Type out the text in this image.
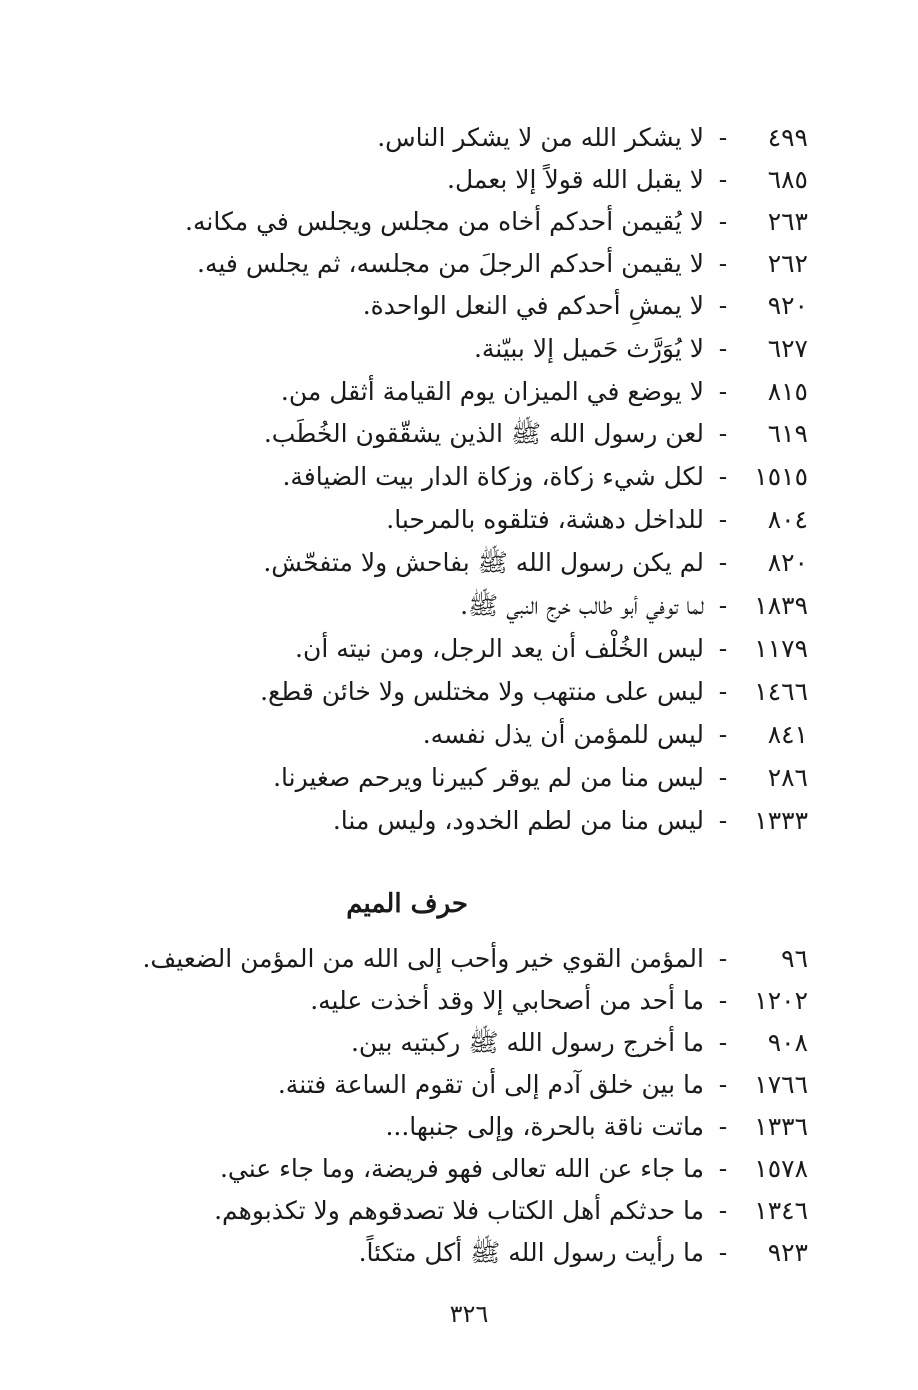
٤٩٩
-
لا يشكر الله من لا يشكر الناس.
٦٨٥
-
لا يقبل الله قولاً إلا بعمل.
٢٦٣
-
لا يُقيمن أحدكم أخاه من مجلس ويجلس في مكانه.
٢٦٢
-
لا يقيمن أحدكم الرجلَ من مجلسه، ثم يجلس فيه.
٩٢٠
-
لا يمشِ أحدكم في النعل الواحدة.
٦٢٧
-
لا يُوَرَّث حَميل إلا ببيّنة.
٨١٥
-
لا يوضع في الميزان يوم القيامة أثقل من.
٦١٩
-
لعن رسول الله ﷺ الذين يشقّقون الخُطَب.
١٥١٥
-
لكل شيء زكاة، وزكاة الدار بيت الضيافة.
٨٠٤
-
للداخل دهشة، فتلقوه بالمرحبا.
٨٢٠
-
لم يكن رسول الله ﷺ بفاحش ولا متفحّش.
١٨٣٩
-
لما توفي أبو طالب خرج النبي ﷺ.
١١٧٩
-
ليس الخُلْف أن يعد الرجل، ومن نيته أن.
١٤٦٦
-
ليس على منتهب ولا مختلس ولا خائن قطع.
٨٤١
-
ليس للمؤمن أن يذل نفسه.
٢٨٦
-
ليس منا من لم يوقر كبيرنا ويرحم صغيرنا.
١٣٣٣
-
ليس منا من لطم الخدود، وليس منا.
حرف الميم
٩٦
-
المؤمن القوي خير وأحب إلى الله من المؤمن الضعيف.
١٢٠٢
-
ما أحد من أصحابي إلا وقد أخذت عليه.
٩٠٨
-
ما أخرج رسول الله ﷺ ركبتيه بين.
١٧٦٦
-
ما بين خلق آدم إلى أن تقوم الساعة فتنة.
١٣٣٦
-
ماتت ناقة بالحرة، وإلى جنبها...
١٥٧٨
-
ما جاء عن الله تعالى فهو فريضة، وما جاء عني.
١٣٤٦
-
ما حدثكم أهل الكتاب فلا تصدقوهم ولا تكذبوهم.
٩٢٣
-
ما رأيت رسول الله ﷺ أكل متكئاً.
٣٢٦
